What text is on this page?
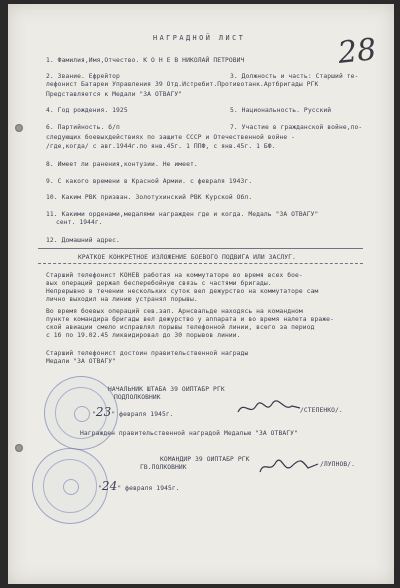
НАГРАДНОЙ ЛИСТ	28
1. Фамилия,Имя,Отчество. К О Н Е В НИКОЛАЙ ПЕТРОВИЧ
2. Звание. Ефрейтор	3. Должность и часть: Старший те-
лефонист Батареи Управления 39 Отд.Истребит.Противотанк.Артбригады РГК
Представляется к Медали "ЗА ОТВАГУ"
4. Год рождения. 1925	5. Национальность. Русский
6. Партийность. б/п	7. Участие в гражданской войне,по-
следующих боевыхдействиях по защите СССР и Отечественной войне -
/где,когда/ с авг.1944г.по янв.45г. 1 ППФ, с янв.45г. 1 БФ.
8. Имеет ли ранения,контузии. Не имеет.
9. С какого времени в Красной Армии. с февраля 1943г.
10. Каким РВК призван. Золотухинский РВК Курской Обл.
11. Какими орденами,медалями награжден где и когда. Медаль "ЗА ОТВАГУ"
сент. 1944г.
12. Домашний адрес.
КРАТКОЕ КОНКРЕТНОЕ ИЗЛОЖЕНИЕ БОЕВОГО ПОДВИГА ИЛИ ЗАСЛУГ.
Старший телефонист КОНЕВ работая на коммутаторе во время всех бое-
вых операций держал бесперебойную связь с частями бригады.
Непрерывно в течении нескольких суток вел дежурство на коммутаторе сам
лично выходил на линию устранял порывы.
Во время боевых операций сев.зап. Арнсвальде находясь на командном
пункте командира бригады вел дежурство у аппарата и во время налета враже-
ской авиации смело исправлял порывы телефонной линии, всего за период
с 1б по 19.02.45 ликвидировал до 30 порывов линии.
Старший телефонист достоин правительственной награды
Медали "ЗА ОТВАГУ"
НАЧАЛЬНИК ШТАБА 39 ОИПТАБР РГК
ПОДПОЛКОВНИК
/СТЕПЕНКО/.
"23" февраля 1945г.
Награжден правительственной наградой Медалью "ЗА ОТВАГУ"
КОМАНДИР 39 ОИПТАБР РГК
ГВ.ПОЛКОВНИК	/ЛУПНОВ/.
"24" февраля 1945г.
